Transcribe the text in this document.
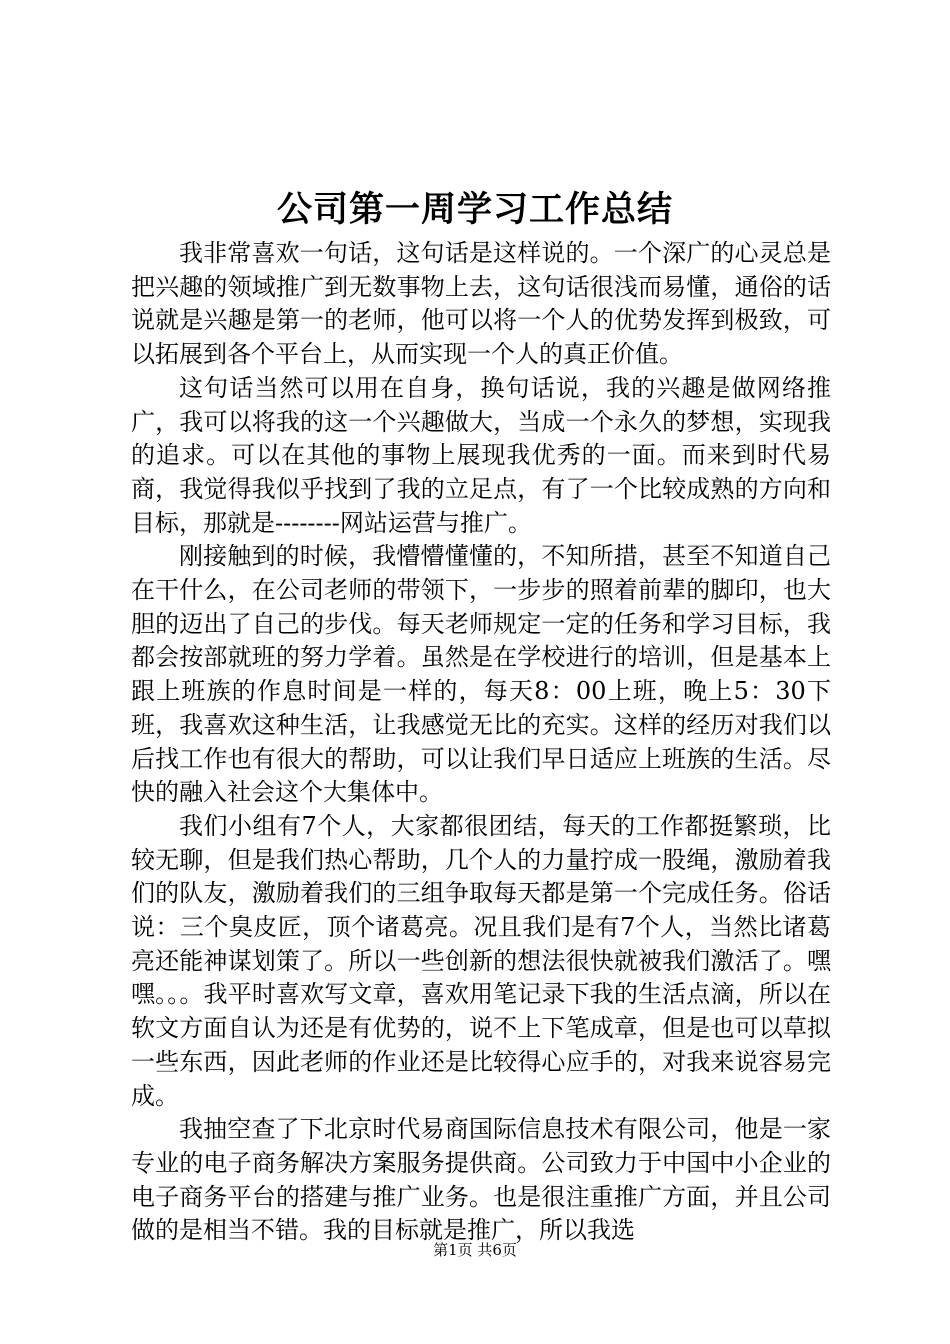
公司第一周学习工作总结

我非常喜欢一句话，这句话是这样说的。一个深广的心灵总是把兴趣的领域推广到无数事物上去，这句话很浅而易懂，通俗的话说就是兴趣是第一的老师，他可以将一个人的优势发挥到极致，可以拓展到各个平台上，从而实现一个人的真正价值。

这句话当然可以用在自身，换句话说，我的兴趣是做网络推广，我可以将我的这一个兴趣做大，当成一个永久的梦想，实现我的追求。可以在其他的事物上展现我优秀的一面。而来到时代易商，我觉得我似乎找到了我的立足点，有了一个比较成熟的方向和目标，那就是--------网站运营与推广。

刚接触到的时候，我懵懵懂懂的，不知所措，甚至不知道自己在干什么，在公司老师的带领下，一步步的照着前辈的脚印，也大胆的迈出了自己的步伐。每天老师规定一定的任务和学习目标，我都会按部就班的努力学着。虽然是在学校进行的培训，但是基本上跟上班族的作息时间是一样的，每天8：00上班，晚上5：30下班，我喜欢这种生活，让我感觉无比的充实。这样的经历对我们以后找工作也有很大的帮助，可以让我们早日适应上班族的生活。尽快的融入社会这个大集体中。

我们小组有7个人，大家都很团结，每天的工作都挺繁琐，比较无聊，但是我们热心帮助，几个人的力量拧成一股绳，激励着我们的队友，激励着我们的三组争取每天都是第一个完成任务。俗话说：三个臭皮匠，顶个诸葛亮。况且我们是有7个人，当然比诸葛亮还能神谋划策了。所以一些创新的想法很快就被我们激活了。嘿嘿。。。我平时喜欢写文章，喜欢用笔记录下我的生活点滴，所以在软文方面自认为还是有优势的，说不上下笔成章，但是也可以草拟一些东西，因此老师的作业还是比较得心应手的，对我来说容易完成。

我抽空查了下北京时代易商国际信息技术有限公司，他是一家专业的电子商务解决方案服务提供商。公司致力于中国中小企业的电子商务平台的搭建与推广业务。也是很注重推广方面，并且公司做的是相当不错。我的目标就是推广，所以我选

第1页 共6页
